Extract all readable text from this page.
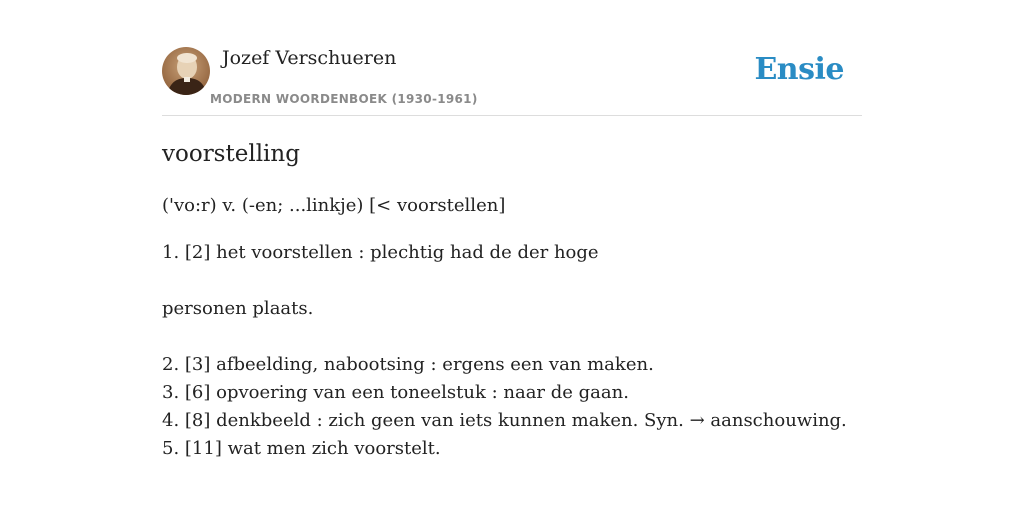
Jozef Verschueren
MODERN WOORDENBOEK (1930-1961)
Ensie
voorstelling
('vo:r) v. (-en; ...linkje) [< voorstellen]
1. [2] het voorstellen : plechtig had de der hoge
personen plaats.
2. [3] afbeelding, nabootsing : ergens een van maken.
3. [6] opvoering van een toneelstuk : naar de gaan.
4. [8] denkbeeld : zich geen van iets kunnen maken. Syn. → aanschouwing.
5. [11] wat men zich voorstelt.
